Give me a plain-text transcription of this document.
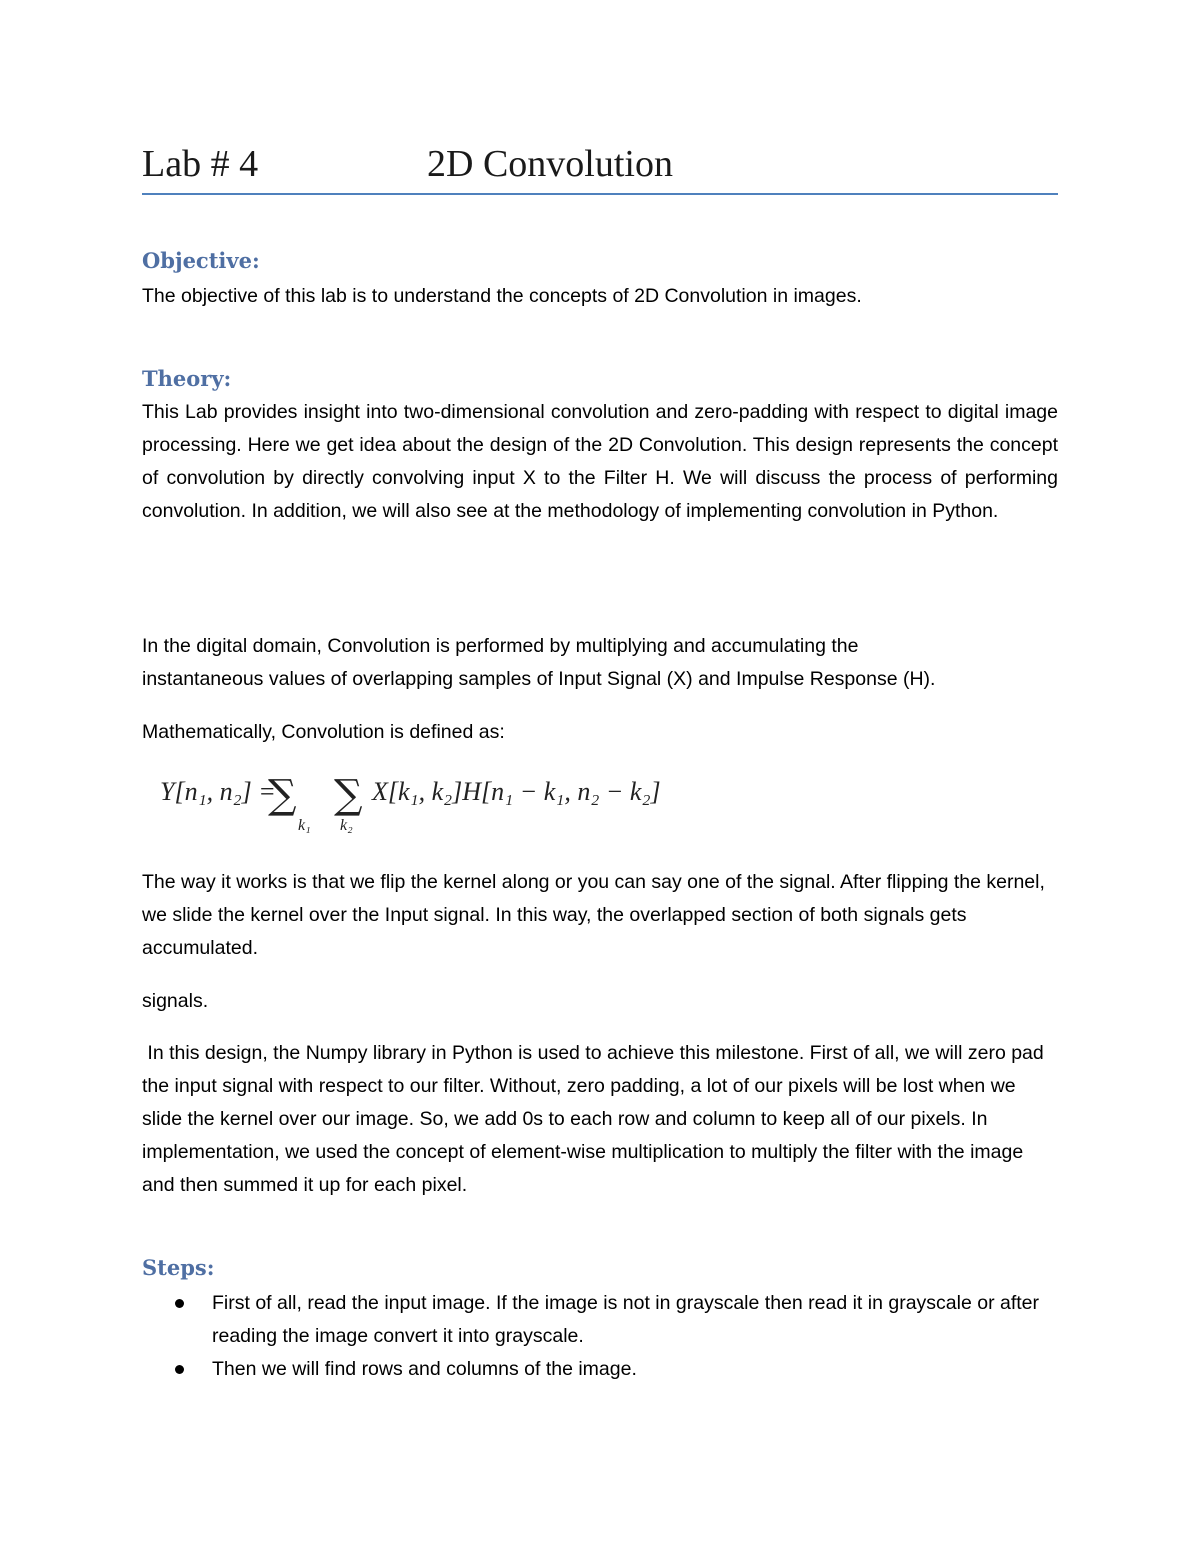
Lab # 4	2D Convolution
Objective:

The objective of this lab is to understand the concepts of 2D Convolution in images.

Theory:

This Lab provides insight into two-dimensional convolution and zero-padding with respect to digital image processing. Here we get idea about the design of the 2D Convolution. This design represents the concept of convolution by directly convolving input X to the Filter H. We will discuss the process of performing convolution. In addition, we will also see at the methodology of implementing convolution in Python.

In the digital domain, Convolution is performed by multiplying and accumulating the instantaneous values of overlapping samples of Input Signal (X) and Impulse Response (H).

Mathematically, Convolution is defined as:

Y[n₁, n₂] =
∑ ∑
k₁ k₂
X[k₁, k₂]H[n₁ − k₁, n₂ − k₂]

The way it works is that we flip the kernel along or you can say one of the signal. After flipping the kernel, we slide the kernel over the Input signal. In this way, the overlapped section of both signals gets accumulated.

signals.

In this design, the Numpy library in Python is used to achieve this milestone. First of all, we will zero pad the input signal with respect to our filter. Without, zero padding, a lot of our pixels will be lost when we slide the kernel over our image. So, we add 0s to each row and column to keep all of our pixels. In implementation, we used the concept of element-wise multiplication to multiply the filter with the image and then summed it up for each pixel.

Steps:
First of all, read the input image. If the image is not in grayscale then read it in grayscale or after reading the image convert it into grayscale.
Then we will find rows and columns of the image.
